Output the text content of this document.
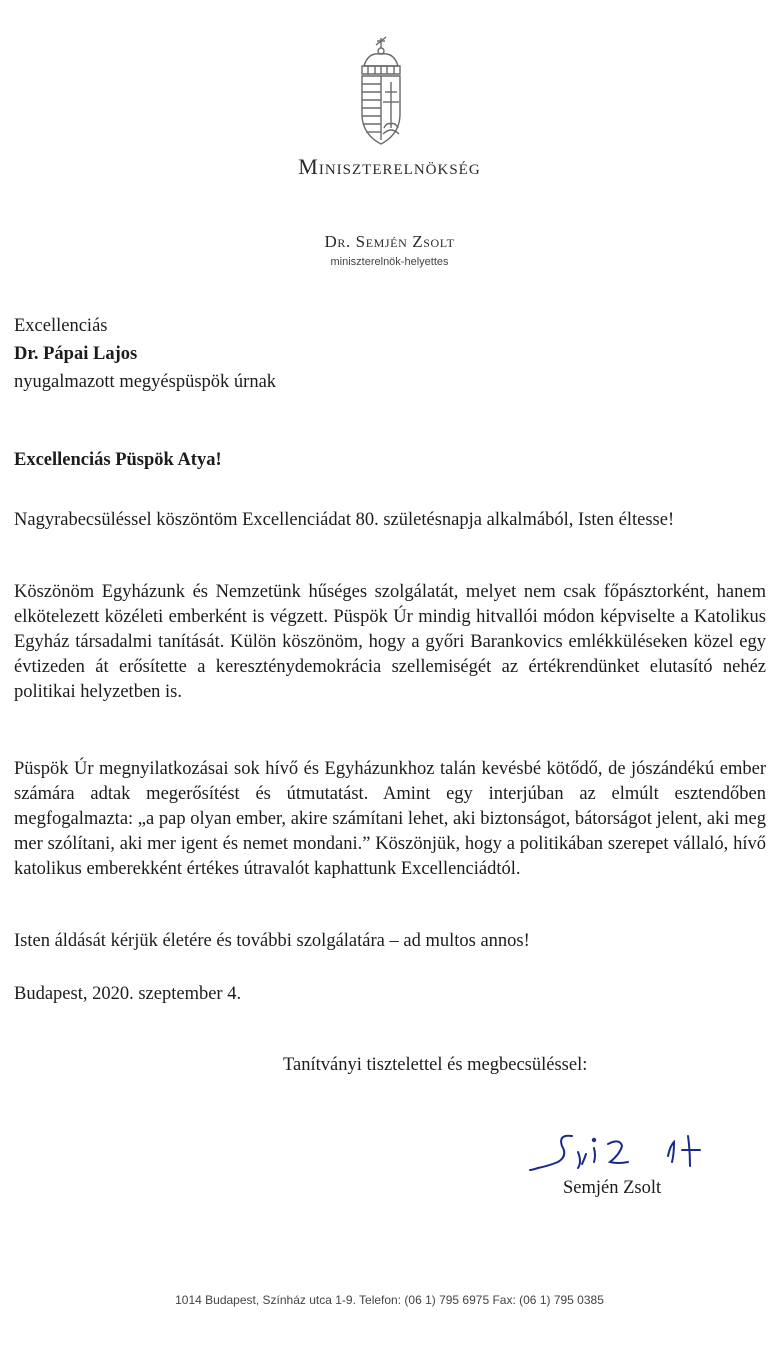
Miniszterelnökség
Dr. Semjén Zsolt
miniszterelnök-helyettes
Excellenciás
Dr. Pápai Lajos
nyugalmazott megyéspüspök úrnak
Excellenciás Püspök Atya!

Nagyrabecsüléssel köszöntöm Excellenciádat 80. születésnapja alkalmából, Isten éltesse!

Köszönöm Egyházunk és Nemzetünk hűséges szolgálatát, melyet nem csak főpásztorként, hanem elkötelezett közéleti emberként is végzett. Püspök Úr mindig hitvallói módon képviselte a Katolikus Egyház társadalmi tanítását. Külön köszönöm, hogy a győri Barankovics emlékküléseken közel egy évtizeden át erősítette a kereszténydemokrácia szellemiségét az értékrendünket elutasító nehéz politikai helyzetben is.

Püspök Úr megnyilatkozásai sok hívő és Egyházunkhoz talán kevésbé kötődő, de jószándékú ember számára adtak megerősítést és útmutatást. Amint egy interjúban az elmúlt esztendőben megfogalmazta: „a pap olyan ember, akire számítani lehet, aki biztonságot, bátorságot jelent, aki meg mer szólítani, aki mer igent és nemet mondani.” Köszönjük, hogy a politikában szerepet vállaló, hívő katolikus emberekként értékes útravalót kaphattunk Excellenciádtól.

Isten áldását kérjük életére és további szolgálatára – ad multos annos!

Budapest, 2020. szeptember 4.

Tanítványi tisztelettel és megbecsüléssel:
Semjén Zsolt
1014 Budapest, Színház utca 1-9. Telefon: (06 1) 795 6975 Fax: (06 1) 795 0385
